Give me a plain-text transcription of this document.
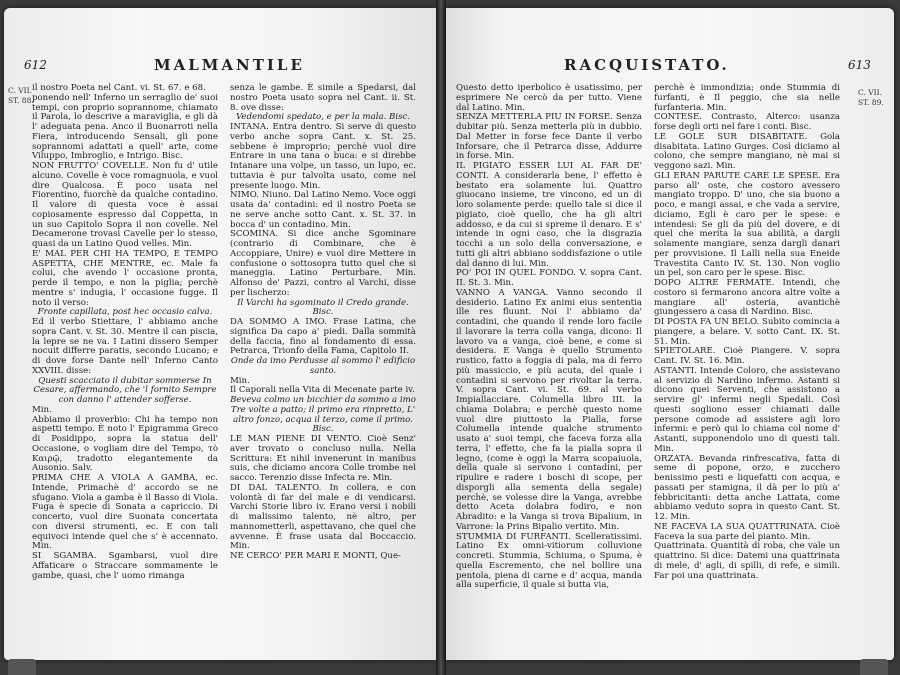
612	MALMANTILE
C. VII.
ST. 88.

il nostro Poeta nel Cant. vi. St. 67. e 68.

ponendo nell' Inferno un serraglio de' suoi tempi, con proprio soprannome, chiamato il Parola, lo descrive a maraviglia, e gli dà l' adeguata pena. Anco il Buonarroti nella Fiera, introducendo Sensali, gli pone soprannomi adattati a quell' arte, come Viluppo, Imbroglio, e Intrigo. Bisc.

NON FRUTTO' COVELLE. Non fu d' utile alcuno. Covelle è voce romagnuola, e vuol dire Qualcosa. È poco usata nel Fiorentino, fuorchè da qualche contadino. Il valore di questa voce è assai copiosamente espresso dal Coppetta, in un suo Capitolo Sopra il non covelle. Nel Decamerone trovasi Cavelle per lo stesso, quasi da un Latino Quod velles. Min.

E' MAL PER CHI HA TEMPO, E TEMPO ASPETTA, CHE MENTRE, ec. Male fa colui, che avendo l' occasione pronta, perde il tempo, e non la piglia; perchè mentre s' indugia, l' occasione fugge. Il noto il verso:

Fronte capillata, post hec occasio calva.

Ed il verbo Stiettare, l' abbiamo anche sopra Cant. v. St. 30. Mentre il can piscia, la lepre se ne va. I Latini dissero Semper nocuit differre paratis, secondo Lucano; e di dove forse Dante nell' Inferno Canto XXVIII. disse:

Questi scacciato il dubitar sommerse In Cesare, affermando, che 'l fornito Sempre con danno l' attender sofferse.

Min.

Abbiamo il proverbio: Chi ha tempo non aspetti tempo. È noto l' Epigramma Greco di Posidippo, sopra la statua dell' Occasione, o vogliam dire del Tempo, τὸ Καιρῷ, tradotto elegantemente da Ausonio. Salv.

PRIMA CHE A VIOLA A GAMBA, ec. Intende, Primachè d' accordo se ne sfugano. Viola a gamba è il Basso di Viola. Fuga è specie di Sonata a capriccio. Di concerto, vuol dire Suonata concertata con diversi strumenti, ec. E con tali equivoci intende quel che s' è accennato. Min.

SI SGAMBA. Sgambarsi, vuol dire Affaticare o Straccare sommamente le gambe, quasi, che l' uomo rimanga

senza le gambe. È simile a Spedarsi, dal nostro Poeta usato sopra nel Cant. ii. St. 8. ove disse:

Vedendomi spedato, e per la mala. Bisc.

INTANA. Entra dentro. Si serve di questo verbo anche sopra Cant. x. St. 25. sebbene è improprio; perchè vuol dire Entrare in una tana o buca: e si direbbe Intanare una volpe, un tasso, un lupo, ec. tuttavia è pur talvolta usato, come nel presente luogo. Min.

NIMO. Niuno. Dal Latino Nemo. Voce oggi usata da' contadini: ed il nostro Poeta se ne serve anche sotto Cant. x. St. 37. in bocca d' un contadino. Min.

SCOMINA. Si dice anche Sgominare (contrario di Combinare, che è Accoppiare, Unire) e vuol dire Mettere in confusione o sottosopra tutto quel che si maneggia. Latino Perturbare. Min. Alfonso de' Pazzi, contro al Varchi, disse per lischerzo:

Il Varchi ha sgominato il Credo grande. Bisc.

DA SOMMO A IMO. Frase Latina, che significa Da capo a' piedi. Dalla sommità della faccia, fino al fondamento di essa. Petrarca, Trionfo della Fama, Capitolo II.

Onde da imo Perdusse al sommo l' edificio santo.

Min.

Il Caporali nella Vita di Mecenate parte iv.

Beveva colmo un bicchier da sommo a imo Tre volte a patto; il primo era rinpretto, L' altro fonzo, acqua il terzo, come il primo. Bisc.

LE MAN PIENE DI VENTO. Cioè Senz' aver trovato o concluso nulla. Nella Scrittura: Et nihil invenerunt in manibus suis, che diciamo ancora Colle trombe nel sacco. Terenzio disse Infecta re. Min.

DI DAL TALENTO. In collera, e con volontà di far del male e di vendicarsi. Varchi Storie libro iv. Erano versi i nobili di malissimo talento, nè altro, per mannometterli, aspettavano, che quel che avvenne. È frase usata dal Boccaccio. Min.

NE CERCO' PER MARI E MONTI, Que-

RACQUISTATO.	613
C. VII.
ST. 89.

Questo detto iperbolico è usatissimo, per esprimere Ne cercò da per tutto. Viene dal Latino. Min.

SENZA METTERLA PIU IN FORSE. Senza dubitar più. Senza metterla più in dubbio. Dal Metter in forse fece Dante il verbo Inforsare, che il Petrarca disse, Addurre in forse. Min.

IL PIGIATO ESSER LUI AL FAR DE' CONTI. A considerarla bene, l' effetto è bestato era solamente lui. Quattro giuocano insieme, tre vincono, ed un di loro solamente perde: quello tale si dice il pigiato, cioè quello, che ha gli altri addosso, e da cui si spreme il denaro. E s' intende in ogni caso, che la disgrazia tocchi a un solo della conversazione, e tutti gli altri abbiano soddisfazione o utile dal danno di lui. Min.

PO' POI IN QUEL FONDO. V. sopra Cant. II. St. 3. Min.

VANNO A VANGA. Vanno secondo il desiderio. Latino Ex animi eius sententia ille res fluunt. Noi l' abbiamo da' contadini, che quando il rende loro facile il lavorare la terra colla vanga, dicono: Il lavoro va a vanga, cioè bene, e come si desidera. E Vanga è quello Strumento rustico, fatto a foggia di pala, ma di ferro più massiccio, e più acuta, del quale i contadini si servono per rivoltar la terra. V. sopra Cant. vi. St. 69. al verbo Impiallacciare. Columella libro III. la chiama Dolabra; e perchè questo nome vuol dire piuttosto la Pialla, forse Columella intende qualche strumento usato a' suoi tempi, che faceva forza alla terra, l' effetto, che fa la pialla sopra il legno, (come è oggi la Marra scopaiuola, della quale si servono i contadini, per ripulire e radere i boschi di scope, per disporgli alla sementa della segale) perchè, se volesse dire la Vanga, avrebbe detto Aceta dolabra fodiro, e non Abradito: e la Vanga si trova Bipalium, in Varrone: la Prins Bipalio vertito. Min.

STUMMIA DI FURFANTI. Scelleratissimi. Latino Ex omni-vitiorum colluvione concreti. Stummia, Schiuma, o Spuma, è quella Escremento, che nel bollire una pentola, piena di carne e d' acqua, manda alla superficie, il quale si butta via,

perchè è immondizia; onde Stummia di furfanti, è Il peggio, che sia nelle furfanteria. Min.

CONTESE. Contrasto, Alterco: usanza forse degli orti nel fare i conti. Bisc.

LE GOLE SUR DISABITATE. Gola disabitata. Latino Gurges. Così diciamo al colono, che sempre mangiano, nè mai si veggono sazi. Min.

GLI ERAN PARUTE CARE LE SPESE. Era parso all' oste, che costoro avessero mangiato troppo. D' uno, che sia buono a poco, e mangi assai, e che vada a servire, diciamo, Egli è caro per le spese: e intendesi: Se gli da più del dovere, e di quel che merita la sua abilità, a dargli solamente mangiare, senza dargli danari per provvisione. Il Lalli nella sua Eneide Travestita Canto IV. St. 130. Non voglio un pel, son caro per le spese. Bisc.

DOPO ALTRE FERMATE. Intendi, che costoro si fermarono ancora altre volte a mangiare all' osteria, avantichè giungessero a casa di Nardino. Bisc.

DI POSTA FA UN BELO. Subito comincia a piangere, a belare. V. sotto Cant. IX. St. 51. Min.

SPIETOLARE. Cioè Piangere. V. sopra Cant. IV. St. 16. Min.

ASTANTI. Intende Coloro, che assistevano al servizio di Nardino infermo. Astanti si dicono quei Serventi, che assistono a servire gl' infermi negli Spedali. Così questi sogliono esser chiamati dalle persone comode ad assistere agli loro infermi: e però qui lo chiama col nome d' Astanti, supponendolo uno di questi tali. Min.

ORZATA. Bevanda rinfrescativa, fatta di seme di popone, orzo, e zucchero benissimo pesti e liquefatti con acqua, e passati per stamigna, il dà per lo più a' febbricitanti: detta anche Lattata, come abbiamo veduto sopra in questo Cant. St. 12. Min.

NE FACEVA LA SUA QUATTRINATA. Cioè Faceva la sua parte del pianto. Min.

Quattrinata. Quantità di roba, che vale un quattrino. Si dice: Datemi una quattrinata di mele, d' agli, di spilli, di refe, e simili. Far poi una quattrinata.
